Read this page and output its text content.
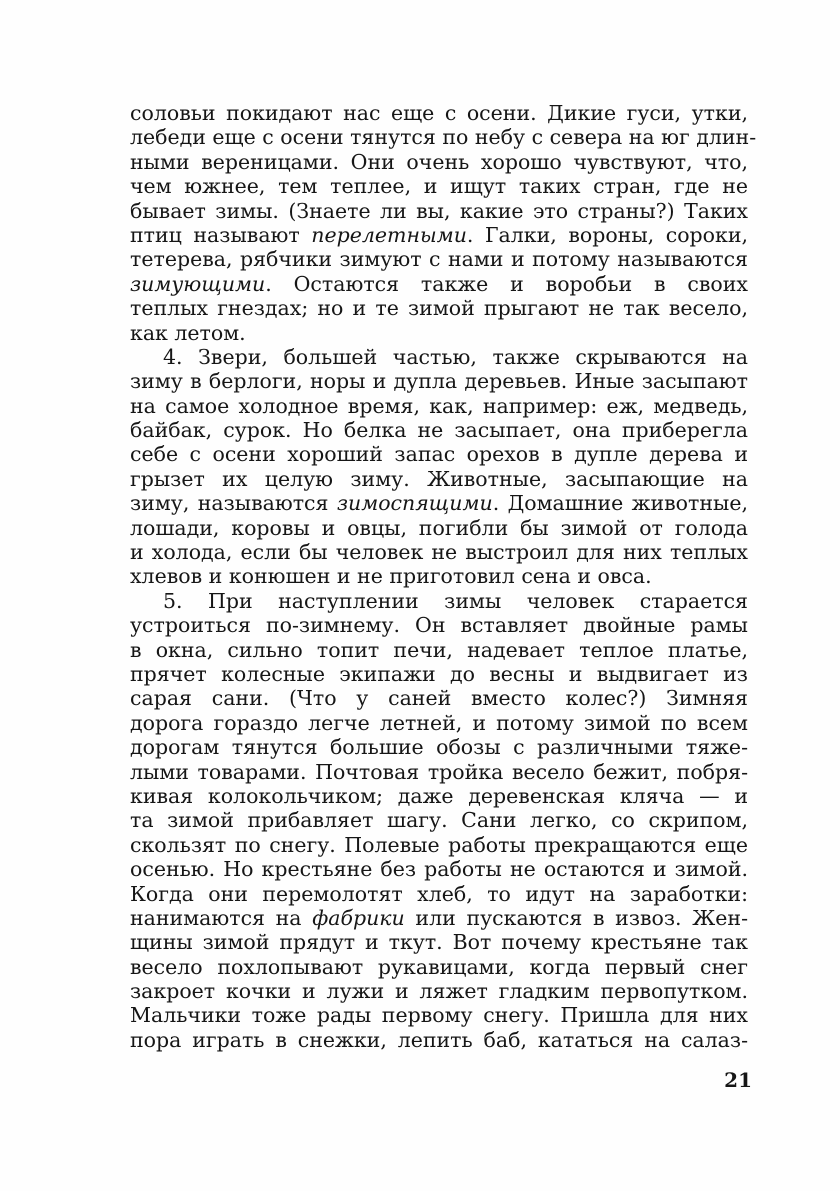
соловьи покидают нас еще с осени. Дикие гуси, утки,
лебеди еще с осени тянутся по небу с севера на юг длин-
ными вереницами. Они очень хорошо чувствуют, что,
чем южнее, тем теплее, и ищут таких стран, где не
бывает зимы. (Знаете ли вы, какие это страны?) Таких
птиц называют перелетными. Галки, вороны, сороки,
тетерева, рябчики зимуют с нами и потому называются
зимующими. Остаются также и воробьи в своих
теплых гнездах; но и те зимой прыгают не так весело,
как летом.
4. Звери, большей частью, также скрываются на
зиму в берлоги, норы и дупла деревьев. Иные засыпают
на самое холодное время, как, например: еж, медведь,
байбак, сурок. Но белка не засыпает, она приберегла
себе с осени хороший запас орехов в дупле дерева и
грызет их целую зиму. Животные, засыпающие на
зиму, называются зимоспящими. Домашние животные,
лошади, коровы и овцы, погибли бы зимой от голода
и холода, если бы человек не выстроил для них теплых
хлевов и конюшен и не приготовил сена и овса.
5. При наступлении зимы человек старается
устроиться по-зимнему. Он вставляет двойные рамы
в окна, сильно топит печи, надевает теплое платье,
прячет колесные экипажи до весны и выдвигает из
сарая сани. (Что у саней вместо колес?) Зимняя
дорога гораздо легче летней, и потому зимой по всем
дорогам тянутся большие обозы с различными тяже-
лыми товарами. Почтовая тройка весело бежит, побря-
кивая колокольчиком; даже деревенская кляча — и
та зимой прибавляет шагу. Сани легко, со скрипом,
скользят по снегу. Полевые работы прекращаются еще
осенью. Но крестьяне без работы не остаются и зимой.
Когда они перемолотят хлеб, то идут на заработки:
нанимаются на фабрики или пускаются в извоз. Жен-
щины зимой прядут и ткут. Вот почему крестьяне так
весело похлопывают рукавицами, когда первый снег
закроет кочки и лужи и ляжет гладким первопутком.
Мальчики тоже рады первому снегу. Пришла для них
пора играть в снежки, лепить баб, кататься на салаз-
21
